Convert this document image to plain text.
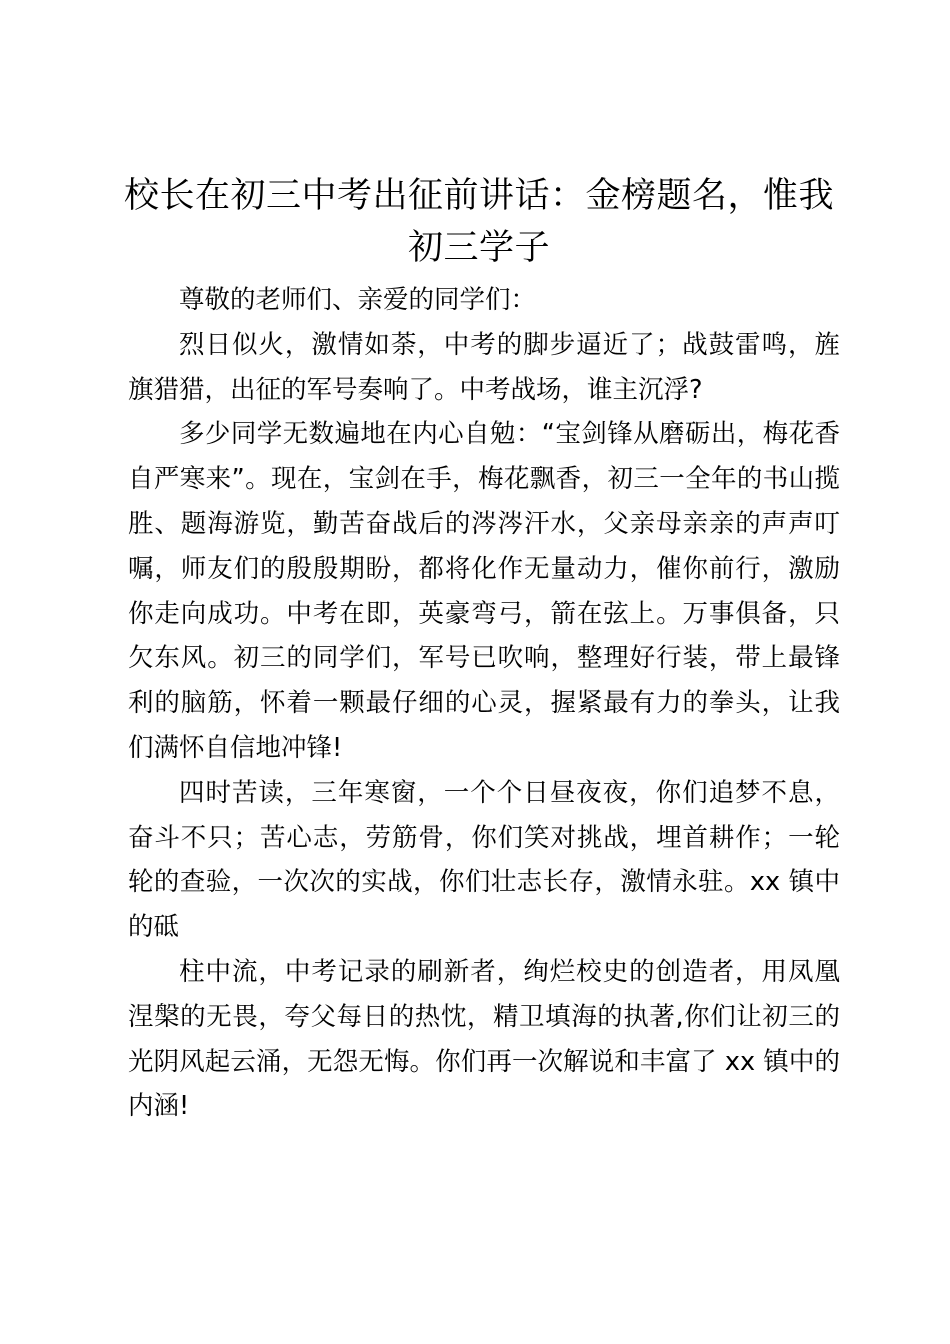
校长在初三中考出征前讲话：金榜题名，惟我初三学子

尊敬的老师们、亲爱的同学们：

烈日似火，激情如荼，中考的脚步逼近了；战鼓雷鸣，旌旗猎猎，出征的军号奏响了。中考战场，谁主沉浮?

多少同学无数遍地在内心自勉：“宝剑锋从磨砺出，梅花香自严寒来”。现在，宝剑在手，梅花飘香，初三一全年的书山揽胜、题海游览，勤苦奋战后的涔涔汗水，父亲母亲亲的声声叮嘱，师友们的殷殷期盼，都将化作无量动力，催你前行，激励你走向成功。中考在即，英豪弯弓，箭在弦上。万事俱备，只欠东风。初三的同学们，军号已吹响，整理好行装，带上最锋利的脑筋，怀着一颗最仔细的心灵，握紧最有力的拳头，让我们满怀自信地冲锋!

四时苦读，三年寒窗，一个个日昼夜夜，你们追梦不息，奋斗不只；苦心志，劳筋骨，你们笑对挑战，埋首耕作；一轮轮的查验，一次次的实战，你们壮志长存，激情永驻。xx 镇中的砥

柱中流，中考记录的刷新者，绚烂校史的创造者，用凤凰涅槃的无畏，夸父每日的热忱，精卫填海的执著,你们让初三的光阴风起云涌，无怨无悔。你们再一次解说和丰富了 xx 镇中的内涵!
